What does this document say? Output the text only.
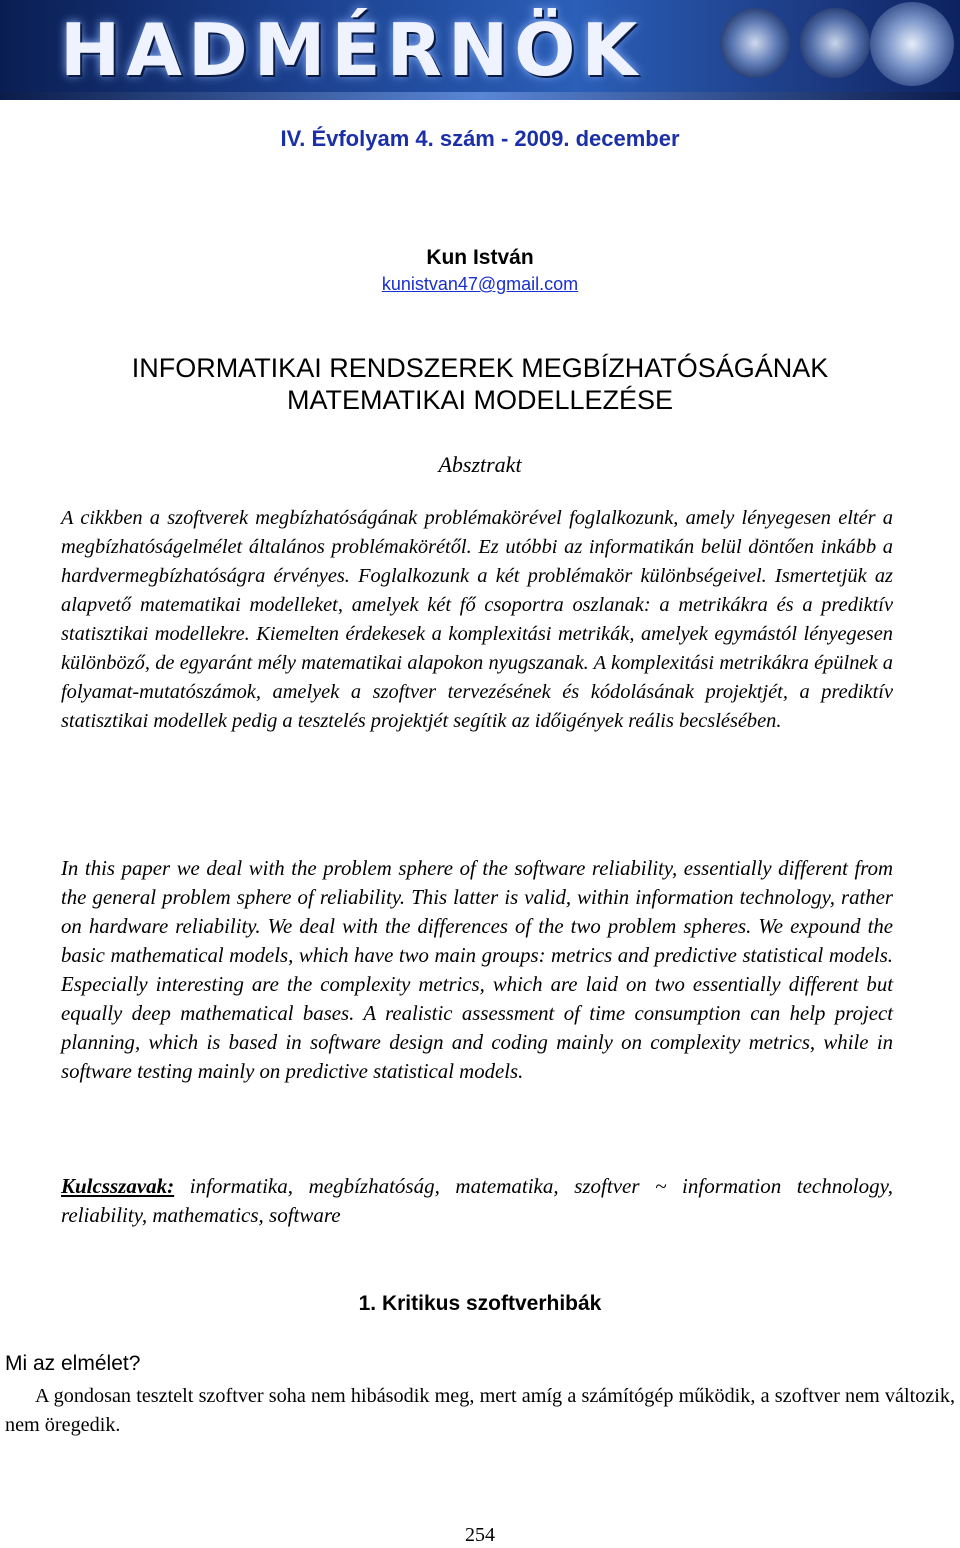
HADMÉRNÖK
IV. Évfolyam 4. szám - 2009. december
Kun István
kunistvan47@gmail.com
INFORMATIKAI RENDSZEREK MEGBÍZHATÓSÁGÁNAK
MATEMATIKAI MODELLEZÉSE
Absztrakt

A cikkben a szoftverek megbízhatóságának problémakörével foglalkozunk, amely lényegesen eltér a megbízhatóságelmélet általános problémakörétől. Ez utóbbi az informatikán belül döntően inkább a hardvermegbízhatóságra érvényes. Foglalkozunk a két problémakör különbségeivel. Ismertetjük az alapvető matematikai modelleket, amelyek két fő csoportra oszlanak: a metrikákra és a prediktív statisztikai modellekre. Kiemelten érdekesek a komplexitási metrikák, amelyek egymástól lényegesen különböző, de egyaránt mély matematikai alapokon nyugszanak. A komplexitási metrikákra épülnek a folyamat-mutatószámok, amelyek a szoftver tervezésének és kódolásának projektjét, a prediktív statisztikai modellek pedig a tesztelés projektjét segítik az időigények reális becslésében.

In this paper we deal with the problem sphere of the software reliability, essentially different from the general problem sphere of reliability. This latter is valid, within information technology, rather on hardware reliability. We deal with the differences of the two problem spheres. We expound the basic mathematical models, which have two main groups: metrics and predictive statistical models. Especially interesting are the complexity metrics, which are laid on two essentially different but equally deep mathematical bases. A realistic assessment of time consumption can help project planning, which is based in software design and coding mainly on complexity metrics, while in software testing mainly on predictive statistical models.

Kulcsszavak: informatika, megbízhatóság, matematika, szoftver ~ information technology, reliability, mathematics, software

1. Kritikus szoftverhibák
Mi az elmélet?

A gondosan tesztelt szoftver soha nem hibásodik meg, mert amíg a számítógép működik, a szoftver nem változik, nem öregedik.

254
